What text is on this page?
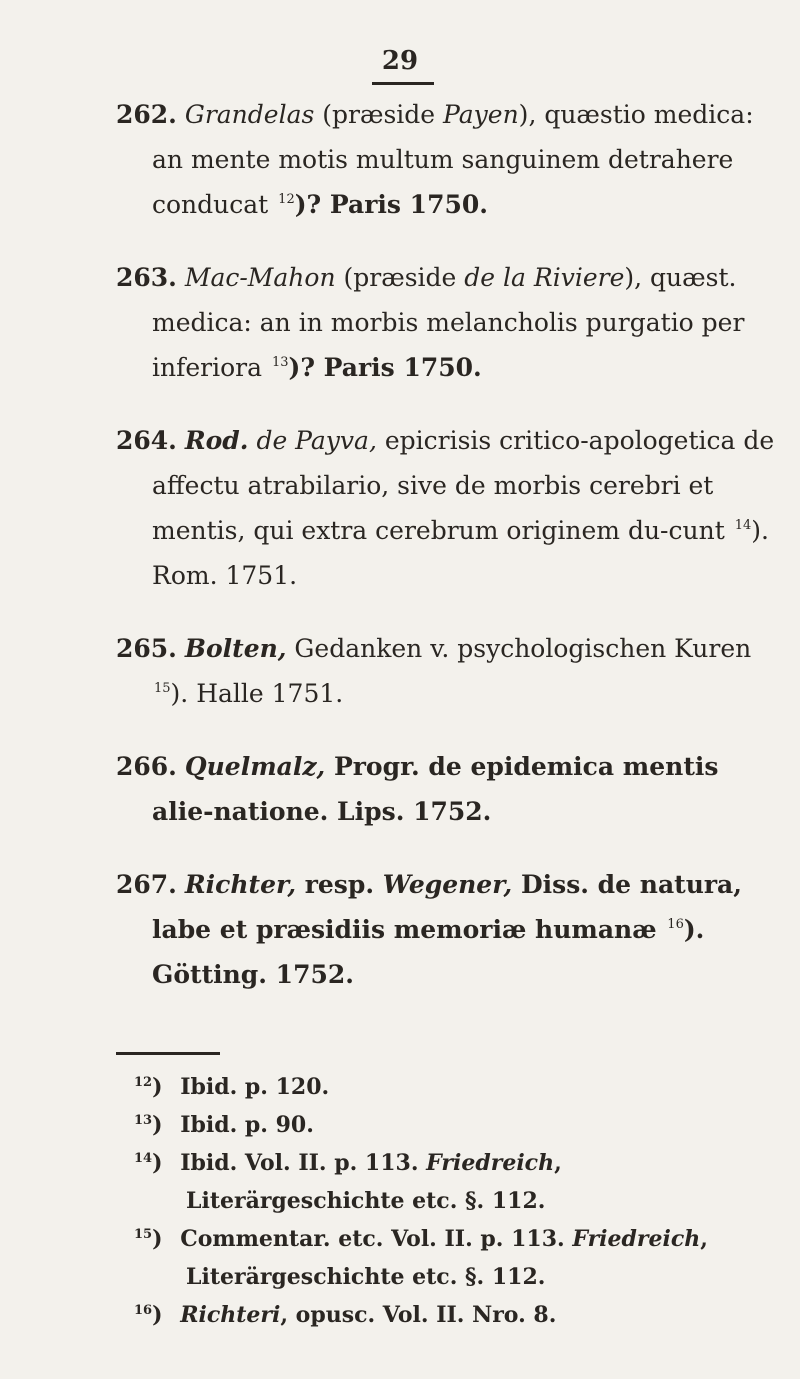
29
262. Grandelas (præside Payen), quæstio medica: an mente motis multum sanguinem detrahere conducat $^{12}$)? Paris 1750.
263. Mac-Mahon (præside de la Riviere), quæst. medica: an in morbis melancholis purgatio per inferiora $^{13}$)? Paris 1750.
264. Rod. de Payva, epicrisis critico-apologetica de affectu atrabilario, sive de morbis cerebri et mentis, qui extra cerebrum originem du-cunt $^{14}$). Rom. 1751.
265. Bolten, Gedanken v. psychologischen Kuren $^{15}$). Halle 1751.
266. Quelmalz, Progr. de epidemica mentis alie-natione. Lips. 1752.
267. Richter, resp. Wegener, Diss. de natura, labe et præsidiis memoriæ humanæ $^{16}$). Götting. 1752.
$^{12}$) Ibid. p. 120.
$^{13}$) Ibid. p. 90.
$^{14}$) Ibid. Vol. II. p. 113. Friedreich, Literärgeschichte etc. §. 112.
$^{15}$) Commentar. etc. Vol. II. p. 113. Friedreich, Literärgeschichte etc. §. 112.
$^{16}$) Richteri, opusc. Vol. II. Nro. 8.
